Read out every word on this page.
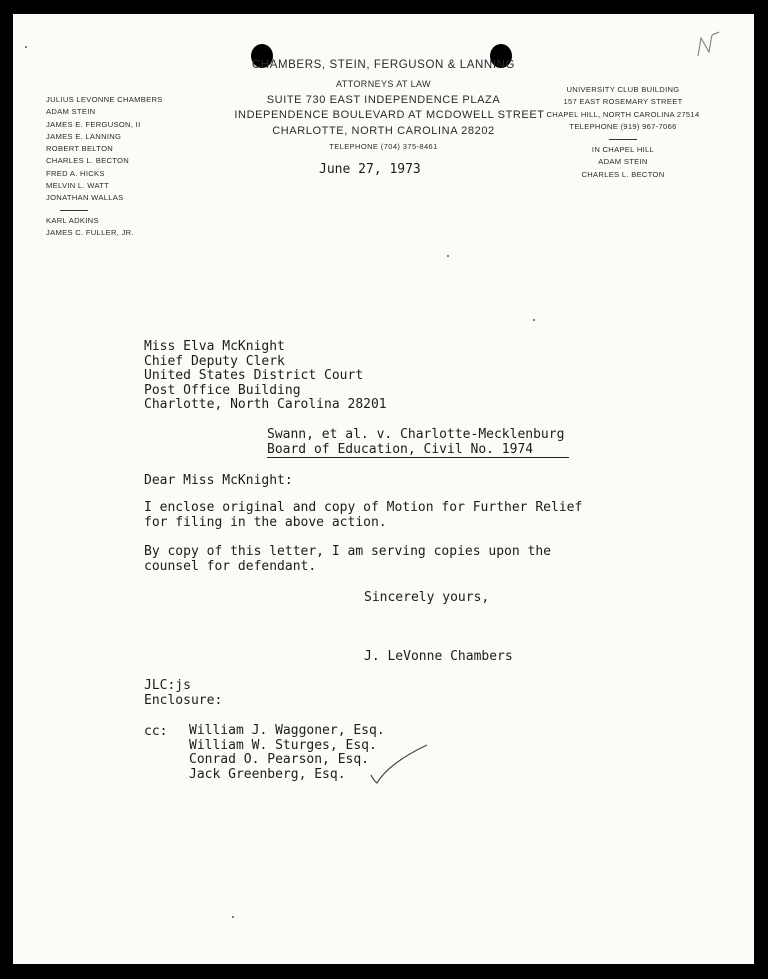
CHAMBERS, STEIN, FERGUSON & LANNING
ATTORNEYS AT LAW
SUITE 730 EAST INDEPENDENCE PLAZA
INDEPENDENCE BOULEVARD AT MCDOWELL STREET
CHARLOTTE, NORTH CAROLINA 28202
TELEPHONE (704) 375-8461
JULIUS LEVONNE CHAMBERS
ADAM STEIN
JAMES E. FERGUSON, II
JAMES E. LANNING
ROBERT BELTON
CHARLES L. BECTON
FRED A. HICKS
MELVIN L. WATT
JONATHAN WALLAS
KARL ADKINS
JAMES C. FULLER, JR.
UNIVERSITY CLUB BUILDING
157 EAST ROSEMARY STREET
CHAPEL HILL, NORTH CAROLINA 27514
TELEPHONE (919) 967-7066
IN CHAPEL HILL
ADAM STEIN
CHARLES L. BECTON
June 27, 1973
Miss Elva McKnight
Chief Deputy Clerk
United States District Court
Post Office Building
Charlotte, North Carolina 28201
Swann, et al. v. Charlotte-Mecklenburg
Board of Education, Civil No. 1974
Dear Miss McKnight:
I enclose original and copy of Motion for Further Relief
for filing in the above action.
By copy of this letter, I am serving copies upon the
counsel for defendant.
Sincerely yours,
J. LeVonne Chambers
JLC:js
Enclosure:
cc: William J. Waggoner, Esq.
William W. Sturges, Esq.
Conrad O. Pearson, Esq.
Jack Greenberg, Esq.
